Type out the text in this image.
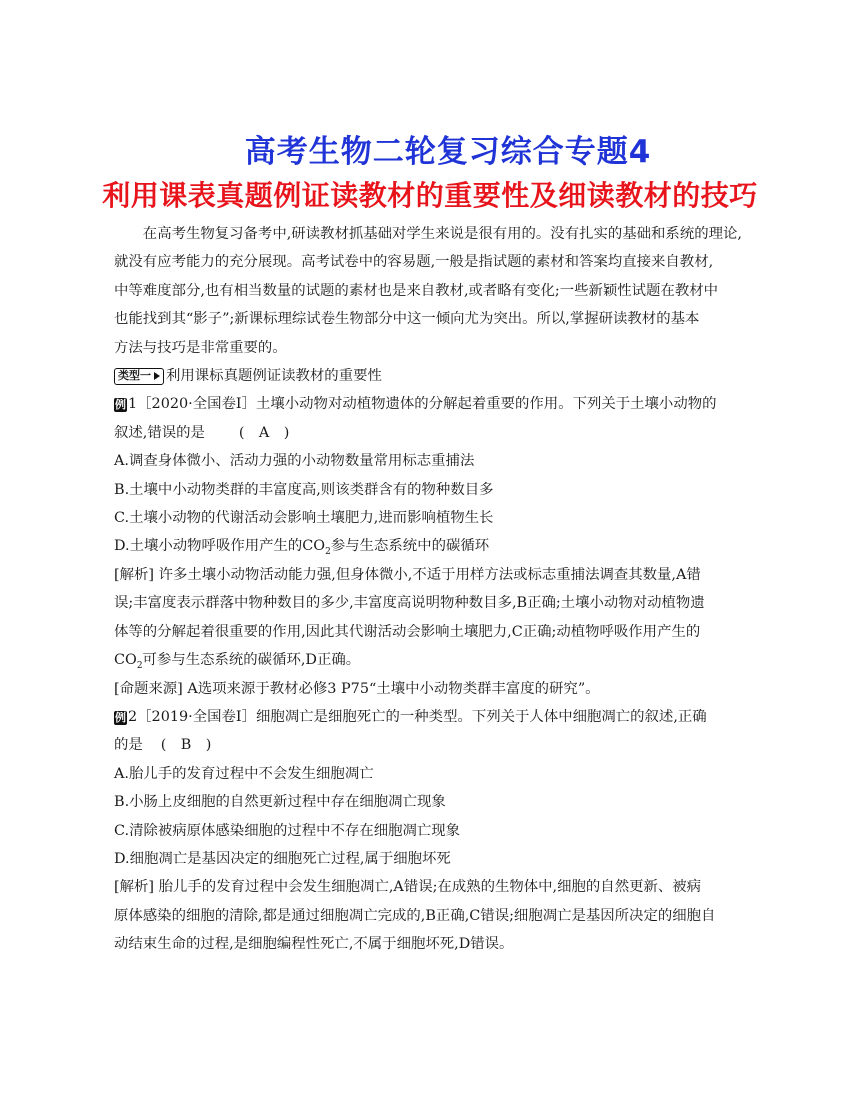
高考生物二轮复习综合专题4
利用课表真题例证读教材的重要性及细读教材的技巧

在高考生物复习备考中,研读教材抓基础对学生来说是很有用的。没有扎实的基础和系统的理论,

就没有应考能力的充分展现。高考试卷中的容易题,一般是指试题的素材和答案均直接来自教材,

中等难度部分,也有相当数量的试题的素材也是来自教材,或者略有变化;一些新颖性试题在教材中

也能找到其“影子”;新课标理综试卷生物部分中这一倾向尤为突出。所以,掌握研读教材的基本

方法与技巧是非常重要的。

类型一 利用课标真题例证读教材的重要性

例 1［2020·全国卷Ⅰ］土壤小动物对动植物遗体的分解起着重要的作用。下列关于土壤小动物的

叙述,错误的是 (　A　)

A.调查身体微小、活动力强的小动物数量常用标志重捕法

B.土壤中小动物类群的丰富度高,则该类群含有的物种数目多

C.土壤小动物的代谢活动会影响土壤肥力,进而影响植物生长

D.土壤小动物呼吸作用产生的$CO_2$参与生态系统中的碳循环

[解析] 许多土壤小动物活动能力强,但身体微小,不适于用样方法或标志重捕法调查其数量,A错

误;丰富度表示群落中物种数目的多少,丰富度高说明物种数目多,B正确;土壤小动物对动植物遗

体等的分解起着很重要的作用,因此其代谢活动会影响土壤肥力,C正确;动植物呼吸作用产生的

$CO_2$可参与生态系统的碳循环,D正确。

[命题来源] A选项来源于教材必修3 P75“土壤中小动物类群丰富度的研究”。

例 2［2019·全国卷Ⅰ］细胞凋亡是细胞死亡的一种类型。下列关于人体中细胞凋亡的叙述,正确

的是 (　B　)

A.胎儿手的发育过程中不会发生细胞凋亡

B.小肠上皮细胞的自然更新过程中存在细胞凋亡现象

C.清除被病原体感染细胞的过程中不存在细胞凋亡现象

D.细胞凋亡是基因决定的细胞死亡过程,属于细胞坏死

[解析] 胎儿手的发育过程中会发生细胞凋亡,A错误;在成熟的生物体中,细胞的自然更新、被病

原体感染的细胞的清除,都是通过细胞凋亡完成的,B正确,C错误;细胞凋亡是基因所决定的细胞自

动结束生命的过程,是细胞编程性死亡,不属于细胞坏死,D错误。
